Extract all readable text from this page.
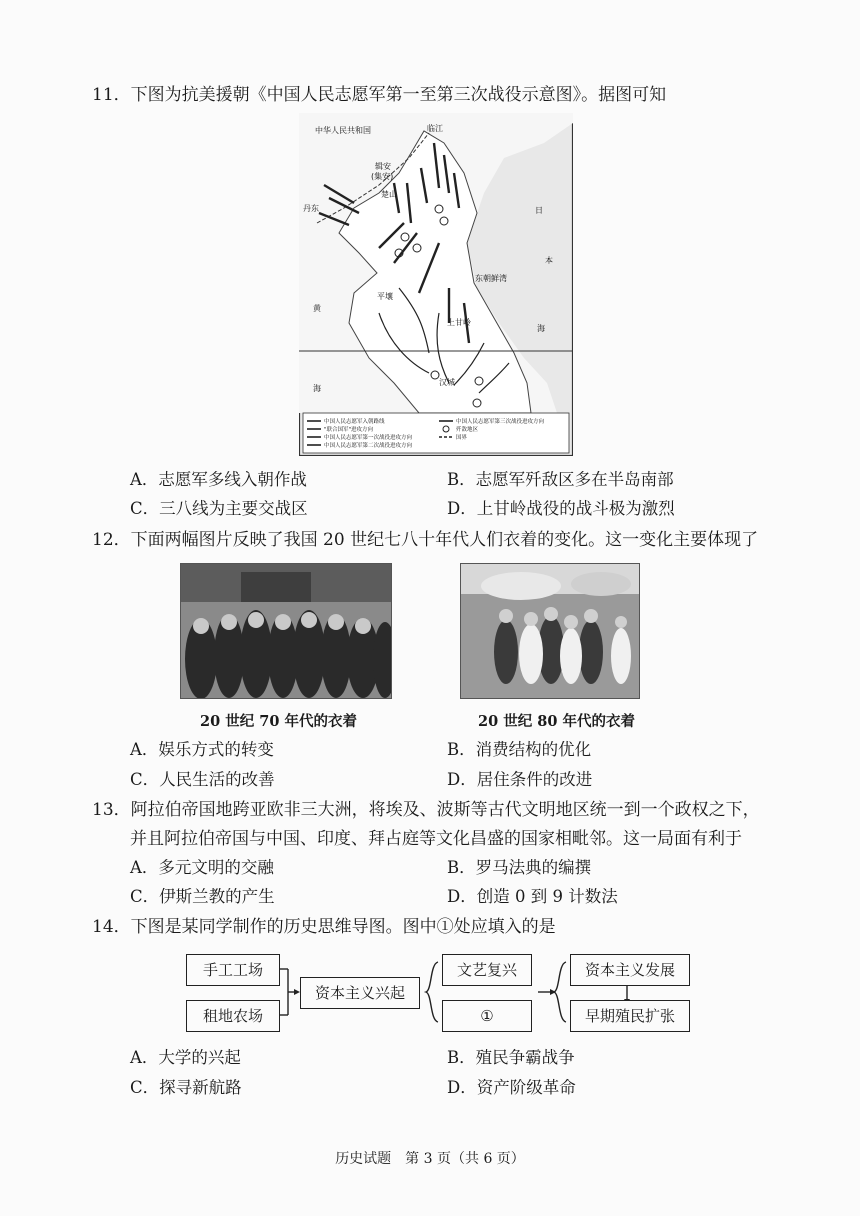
11．下图为抗美援朝《中国人民志愿军第一至第三次战役示意图》。据图可知
中华人民共和国	临江
辑安
(集安)
楚山
丹东
平壤
上甘岭
汉城
日
本
东朝鲜湾
黄
海
海
中国人民志愿军入朝路线
"联合国军"进攻方向
中国人民志愿军第一次战役进攻方向
中国人民志愿军第二次战役进攻方向
中国人民志愿军第三次战役进攻方向
歼敌地区
国界
A．志愿军多线入朝作战	B．志愿军歼敌区多在半岛南部
C．三八线为主要交战区	D．上甘岭战役的战斗极为激烈
12．下面两幅图片反映了我国 20 世纪七八十年代人们衣着的变化。这一变化主要体现了
20 世纪 70 年代的衣着	20 世纪 80 年代的衣着
A．娱乐方式的转变	B．消费结构的优化
C．人民生活的改善	D．居住条件的改进
13．阿拉伯帝国地跨亚欧非三大洲，将埃及、波斯等古代文明地区统一到一个政权之下，
并且阿拉伯帝国与中国、印度、拜占庭等文化昌盛的国家相毗邻。这一局面有利于
A．多元文明的交融	B．罗马法典的编撰
C．伊斯兰教的产生	D．创造 0 到 9 计数法
14．下图是某同学制作的历史思维导图。图中①处应填入的是
手工工场
租地农场
资本主义兴起
文艺复兴
①
资本主义发展
早期殖民扩张
A．大学的兴起	B．殖民争霸战争
C．探寻新航路	D．资产阶级革命
历史试题　第 3 页（共 6 页）
